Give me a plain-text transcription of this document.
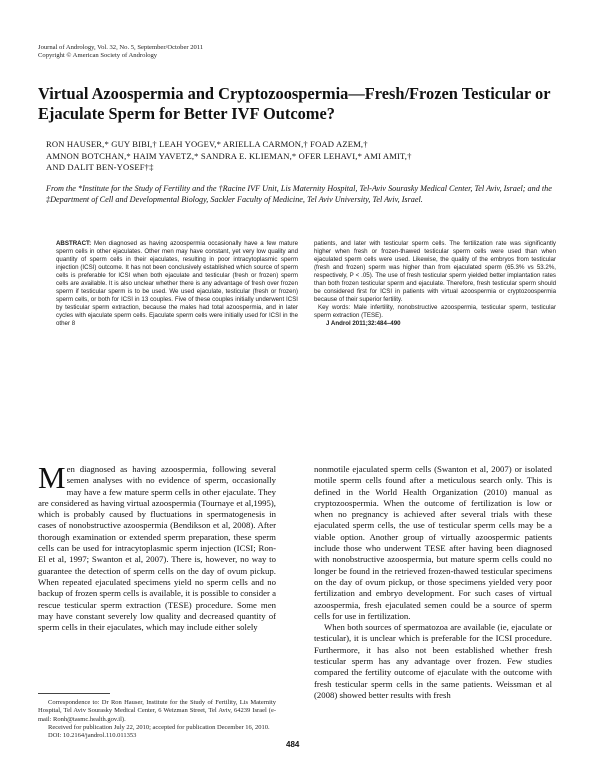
Journal of Andrology, Vol. 32, No. 5, September/October 2011
Copyright © American Society of Andrology
Virtual Azoospermia and Cryptozoospermia—Fresh/Frozen Testicular or Ejaculate Sperm for Better IVF Outcome?
RON HAUSER,* GUY BIBI,† LEAH YOGEV,* ARIELLA CARMON,† FOAD AZEM,†
AMNON BOTCHAN,* HAIM YAVETZ,* SANDRA E. KLIEMAN,* OFER LEHAVI,* AMI AMIT,†
AND DALIT BEN-YOSEF†‡
From the *Institute for the Study of Fertility and the †Racine IVF Unit, Lis Maternity Hospital, Tel-Aviv Sourasky Medical Center, Tel Aviv, Israel; and the ‡Department of Cell and Developmental Biology, Sackler Faculty of Medicine, Tel Aviv University, Tel Aviv, Israel.
ABSTRACT: Men diagnosed as having azoospermia occasionally have a few mature sperm cells in other ejaculates. Other men may have constant, yet very low quality and quantity of sperm cells in their ejaculates, resulting in poor intracytoplasmic sperm injection (ICSI) outcome. It has not been conclusively established which source of sperm cells is preferable for ICSI when both ejaculate and testicular (fresh or frozen) sperm cells are available. It is also unclear whether there is any advantage of fresh over frozen sperm if testicular sperm is to be used. We used ejaculate, testicular (fresh or frozen) sperm cells, or both for ICSI in 13 couples. Five of these couples initially underwent ICSI by testicular sperm extraction, because the males had total azoospermia, and in later cycles with ejaculate sperm cells. Ejaculate sperm cells were initially used for ICSI in the other 8
patients, and later with testicular sperm cells. The fertilization rate was significantly higher when fresh or frozen-thawed testicular sperm cells were used than when ejaculated sperm cells were used. Likewise, the quality of the embryos from testicular (fresh and frozen) sperm was higher than from ejaculated sperm (65.3% vs 53.2%, respectively, P < .05). The use of fresh testicular sperm yielded better implantation rates than both frozen testicular sperm and ejaculate. Therefore, fresh testicular sperm should be considered first for ICSI in patients with virtual azoospermia or cryptozoospermia because of their superior fertility.
Key words: Male infertility, nonobstructive azoospermia, testicular sperm, testicular sperm extraction (TESE).
J Androl 2011;32:484–490

Men diagnosed as having azoospermia, following several semen analyses with no evidence of sperm, occasionally may have a few mature sperm cells in other ejaculate. They are considered as having virtual azoospermia (Tournaye et al,1995), which is probably caused by fluctuations in spermatogenesis in cases of nonobstructive azoospermia (Bendikson et al, 2008). After thorough examination or extended sperm preparation, these sperm cells can be used for intracytoplasmic sperm injection (ICSI; Ron-El et al, 1997; Swanton et al, 2007). There is, however, no way to guarantee the detection of sperm cells on the day of ovum pickup. When repeated ejaculated specimens yield no sperm cells and no backup of frozen sperm cells is available, it is possible to consider a rescue testicular sperm extraction (TESE) procedure. Some men may have constant severely low quality and decreased quantity of sperm cells in their ejaculates, which may include either solely

nonmotile ejaculated sperm cells (Swanton et al, 2007) or isolated motile sperm cells found after a meticulous search only. This is defined in the World Health Organization (2010) manual as cryptozoospermia. When the outcome of fertilization is low or when no pregnancy is achieved after several trials with these ejaculated sperm cells, the use of testicular sperm cells may be a viable option. Another group of virtually azoospermic patients include those who underwent TESE after having been diagnosed with nonobstructive azoospermia, but mature sperm cells could no longer be found in the retrieved frozen-thawed testicular specimens on the day of ovum pickup, or those specimens yielded very poor fertilization and embryo development. For such cases of virtual azoospermia, fresh ejaculated semen could be a source of sperm cells for use in fertilization.

When both sources of spermatozoa are available (ie, ejaculate or testicular), it is unclear which is preferable for the ICSI procedure. Furthermore, it has also not been established whether fresh testicular sperm has any advantage over frozen. Few studies compared the fertility outcome of ejaculate with the outcome with fresh testicular sperm cells in the same patients. Weissman et al (2008) showed better results with fresh

Correspondence to: Dr Ron Hauser, Institute for the Study of Fertility, Lis Maternity Hospital, Tel Aviv Sourasky Medical Center, 6 Weizman Street, Tel Aviv, 64239 Israel (e-mail: Ronh@tasmc.health.gov.il).

Received for publication July 22, 2010; accepted for publication December 16, 2010.

DOI: 10.2164/jandrol.110.011353

484
